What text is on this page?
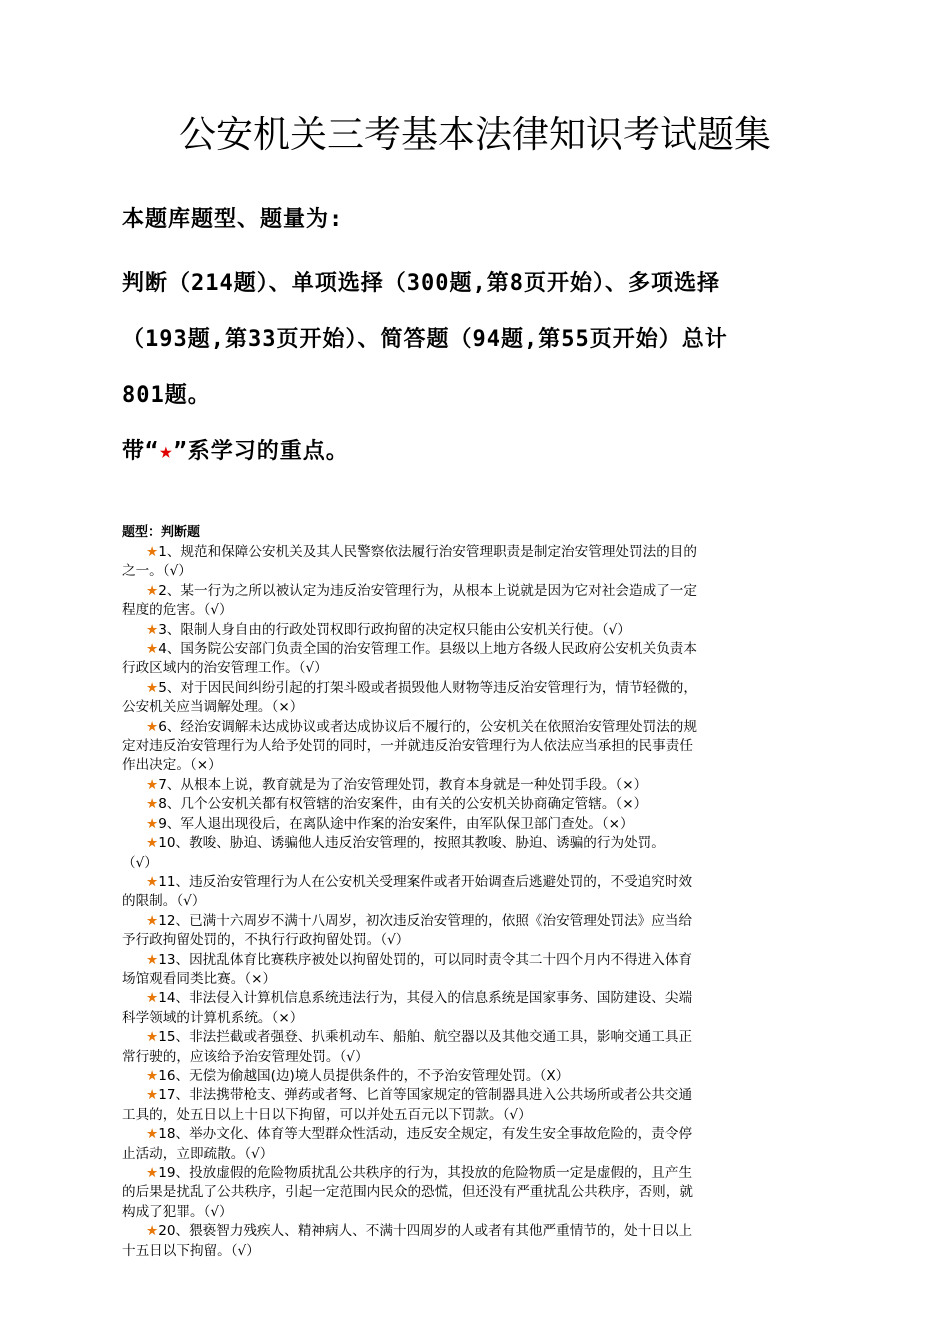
公安机关三考基本法律知识考试题集
本题库题型、题量为:
判断（214题）、单项选择（300题,第8页开始）、多项选择
（193题,第33页开始）、简答题（94题,第55页开始）总计
801题。
带“★”系学习的重点。
题型：判断题
★1、规范和保障公安机关及其人民警察依法履行治安管理职责是制定治安管理处罚法的目的
之一。（√）
★2、某一行为之所以被认定为违反治安管理行为，从根本上说就是因为它对社会造成了一定
程度的危害。（√）
★3、限制人身自由的行政处罚权即行政拘留的决定权只能由公安机关行使。（√）
★4、国务院公安部门负责全国的治安管理工作。县级以上地方各级人民政府公安机关负责本
行政区域内的治安管理工作。（√）
★5、对于因民间纠纷引起的打架斗殴或者损毁他人财物等违反治安管理行为，情节轻微的，
公安机关应当调解处理。（×）
★6、经治安调解未达成协议或者达成协议后不履行的，公安机关在依照治安管理处罚法的规
定对违反治安管理行为人给予处罚的同时，一并就违反治安管理行为人依法应当承担的民事责任
作出决定。（×）
★7、从根本上说，教育就是为了治安管理处罚，教育本身就是一种处罚手段。（×）
★8、几个公安机关都有权管辖的治安案件，由有关的公安机关协商确定管辖。（×）
★9、军人退出现役后，在离队途中作案的治安案件，由军队保卫部门查处。（×）
★10、教唆、胁迫、诱骗他人违反治安管理的，按照其教唆、胁迫、诱骗的行为处罚。
（√）
★11、违反治安管理行为人在公安机关受理案件或者开始调查后逃避处罚的，不受追究时效
的限制。（√）
★12、已满十六周岁不满十八周岁，初次违反治安管理的，依照《治安管理处罚法》应当给
予行政拘留处罚的，不执行行政拘留处罚。（√）
★13、因扰乱体育比赛秩序被处以拘留处罚的，可以同时责令其二十四个月内不得进入体育
场馆观看同类比赛。（×）
★14、非法侵入计算机信息系统违法行为，其侵入的信息系统是国家事务、国防建设、尖端
科学领域的计算机系统。（×）
★15、非法拦截或者强登、扒乘机动车、船舶、航空器以及其他交通工具，影响交通工具正
常行驶的，应该给予治安管理处罚。（√）
★16、无偿为偷越国(边)境人员提供条件的，不予治安管理处罚。（X）
★17、非法携带枪支、弹药或者弩、匕首等国家规定的管制器具进入公共场所或者公共交通
工具的，处五日以上十日以下拘留，可以并处五百元以下罚款。（√）
★18、举办文化、体育等大型群众性活动，违反安全规定，有发生安全事故危险的，责令停
止活动，立即疏散。（√）
★19、投放虚假的危险物质扰乱公共秩序的行为，其投放的危险物质一定是虚假的，且产生
的后果是扰乱了公共秩序，引起一定范围内民众的恐慌，但还没有严重扰乱公共秩序，否则，就
构成了犯罪。（√）
★20、猥亵智力残疾人、精神病人、不满十四周岁的人或者有其他严重情节的，处十日以上
十五日以下拘留。（√）
